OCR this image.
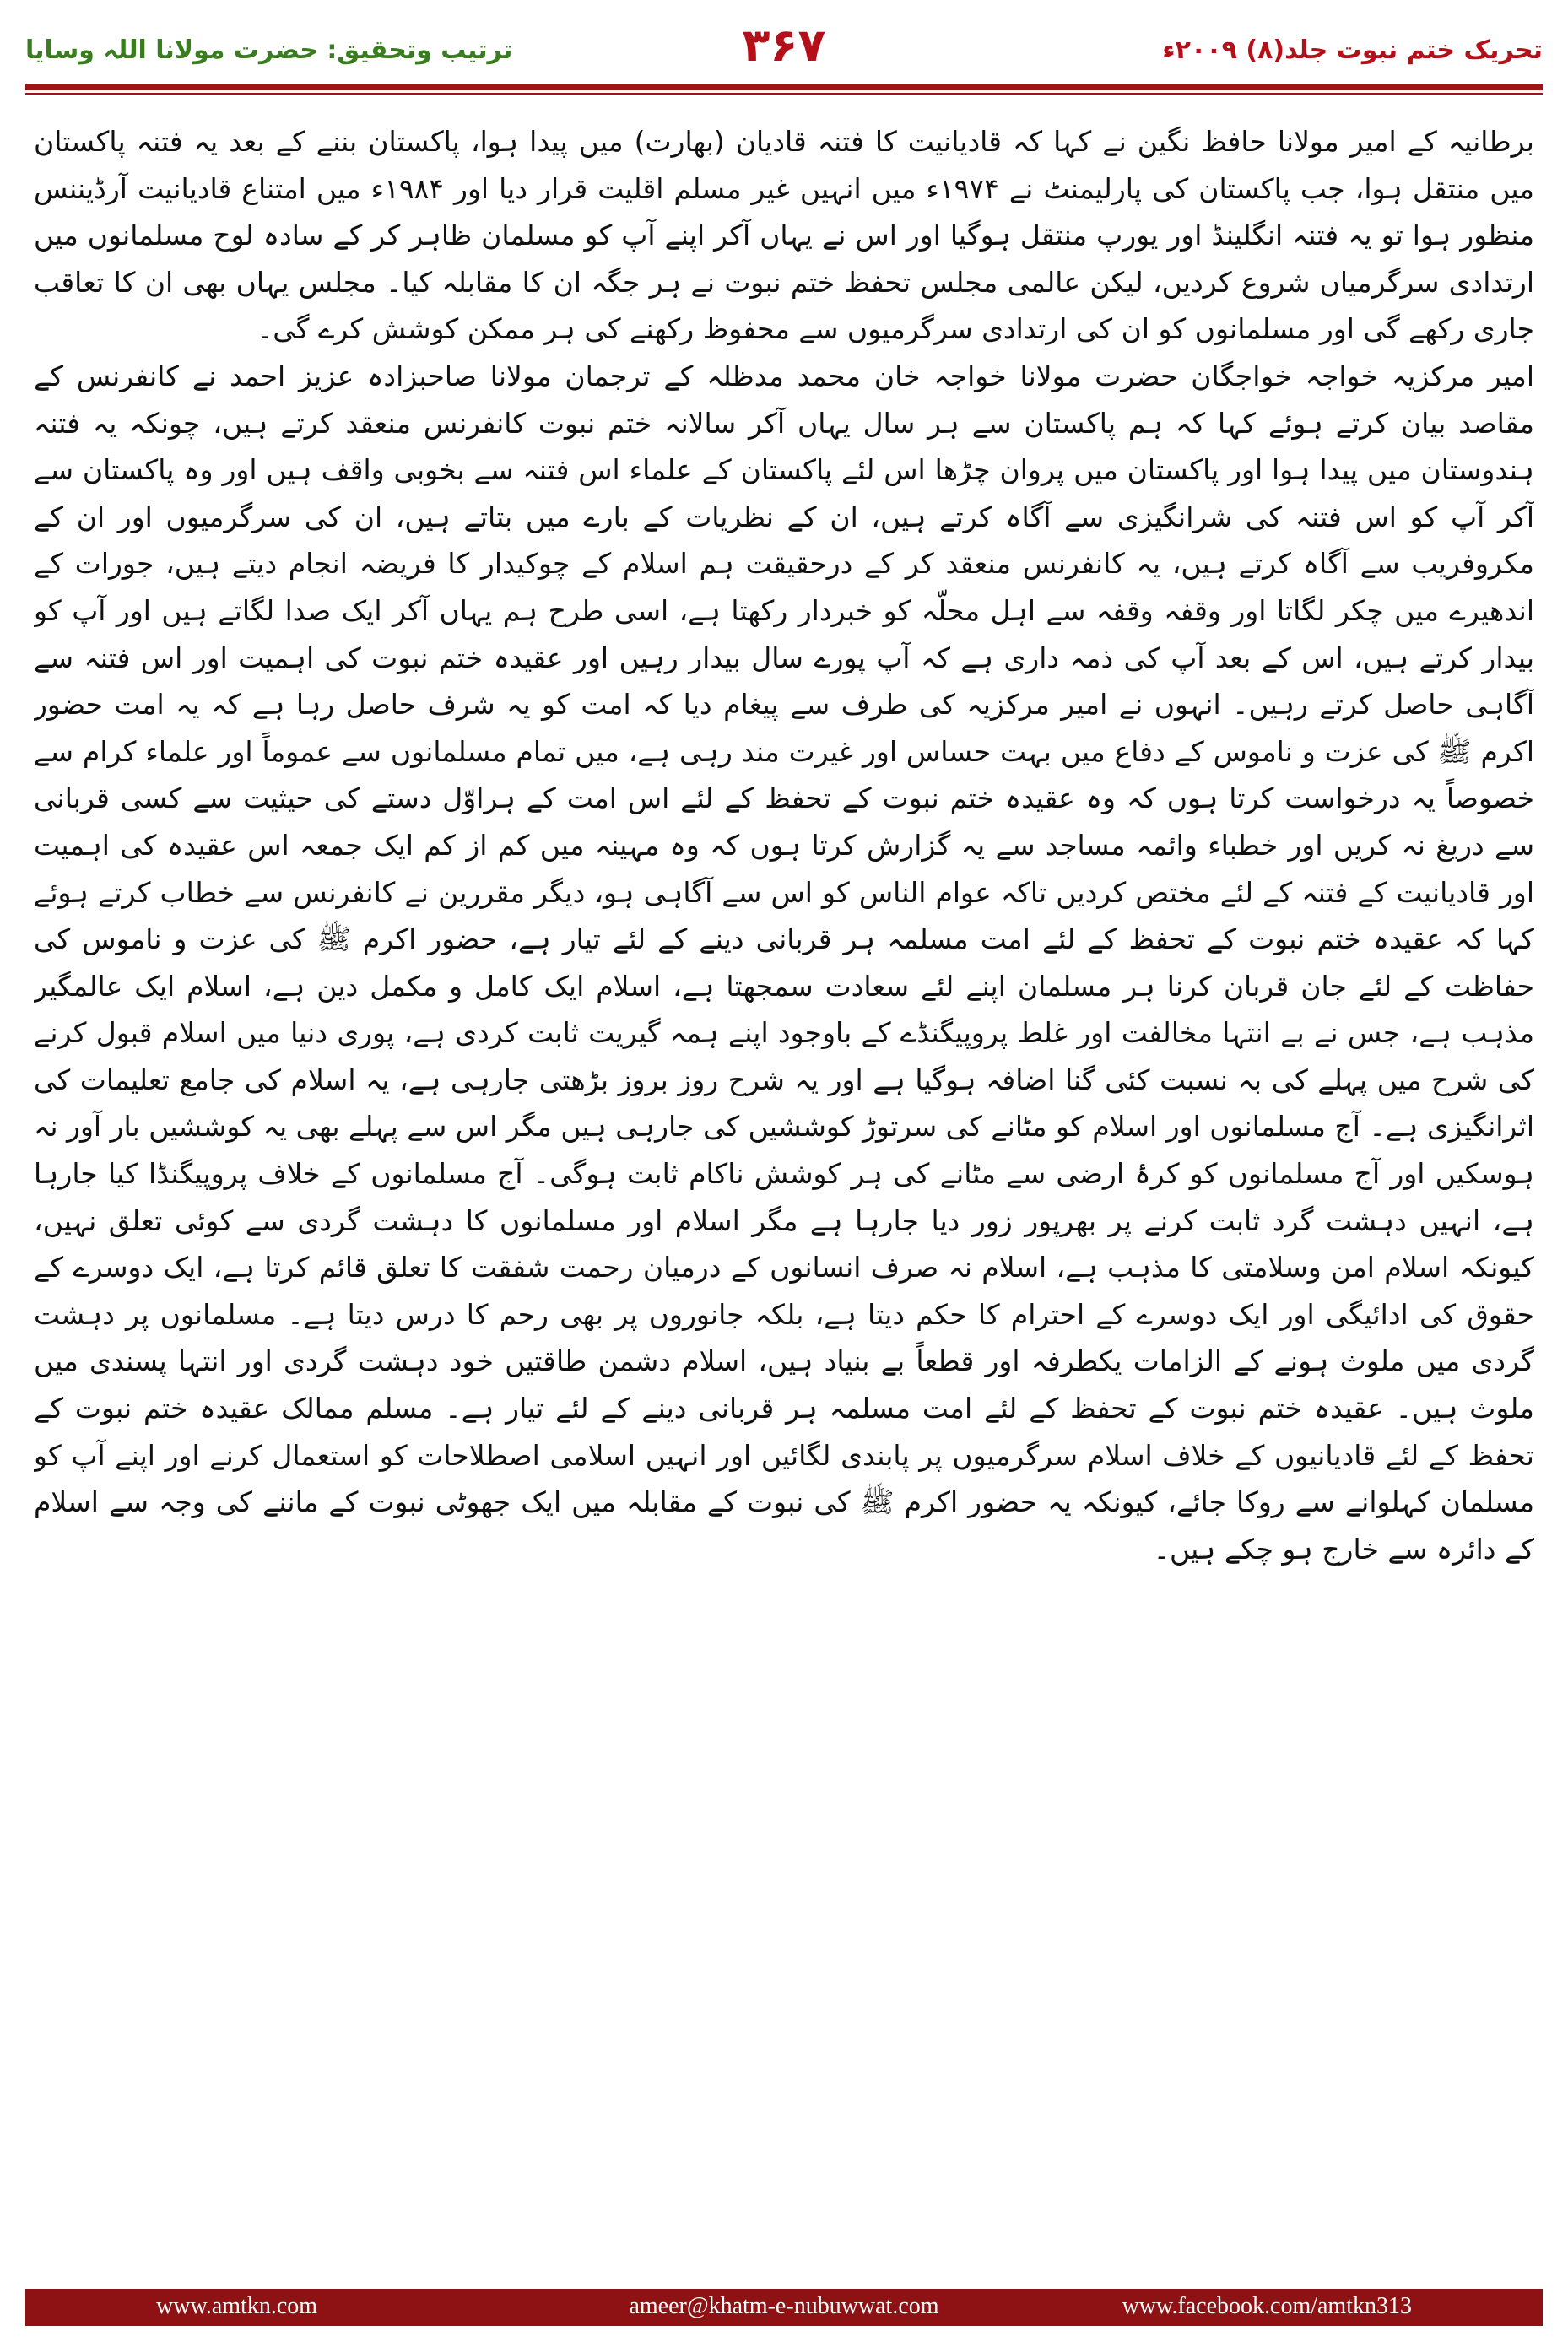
ترتیب وتحقیق: حضرت مولانا اللہ وسایا	۳۶۷	تحریک ختم نبوت جلد(۸) ۲۰۰۹ء

برطانیہ کے امیر مولانا حافظ نگین نے کہا کہ قادیانیت کا فتنہ قادیان (بھارت) میں پیدا ہوا، پاکستان بننے کے بعد یہ فتنہ پاکستان میں منتقل ہوا، جب پاکستان کی پارلیمنٹ نے ۱۹۷۴ء میں انہیں غیر مسلم اقلیت قرار دیا اور ۱۹۸۴ء میں امتناع قادیانیت آرڈیننس منظور ہوا تو یہ فتنہ انگلینڈ اور یورپ منتقل ہوگیا اور اس نے یہاں آکر اپنے آپ کو مسلمان ظاہر کر کے سادہ لوح مسلمانوں میں ارتدادی سرگرمیاں شروع کردیں، لیکن عالمی مجلس تحفظ ختم نبوت نے ہر جگہ ان کا مقابلہ کیا۔ مجلس یہاں بھی ان کا تعاقب جاری رکھے گی اور مسلمانوں کو ان کی ارتدادی سرگرمیوں سے محفوظ رکھنے کی ہر ممکن کوشش کرے گی۔

امیر مرکزیہ خواجہ خواجگان حضرت مولانا خواجہ خان محمد مدظلہ کے ترجمان مولانا صاحبزادہ عزیز احمد نے کانفرنس کے مقاصد بیان کرتے ہوئے کہا کہ ہم پاکستان سے ہر سال یہاں آکر سالانہ ختم نبوت کانفرنس منعقد کرتے ہیں، چونکہ یہ فتنہ ہندوستان میں پیدا ہوا اور پاکستان میں پروان چڑھا اس لئے پاکستان کے علماء اس فتنہ سے بخوبی واقف ہیں اور وہ پاکستان سے آکر آپ کو اس فتنہ کی شرانگیزی سے آگاہ کرتے ہیں، ان کے نظریات کے بارے میں بتاتے ہیں، ان کی سرگرمیوں اور ان کے مکروفریب سے آگاہ کرتے ہیں، یہ کانفرنس منعقد کر کے درحقیقت ہم اسلام کے چوکیدار کا فریضہ انجام دیتے ہیں، جورات کے اندھیرے میں چکر لگاتا اور وقفہ وقفہ سے اہل محلّہ کو خبردار رکھتا ہے، اسی طرح ہم یہاں آکر ایک صدا لگاتے ہیں اور آپ کو بیدار کرتے ہیں، اس کے بعد آپ کی ذمہ داری ہے کہ آپ پورے سال بیدار رہیں اور عقیدہ ختم نبوت کی اہمیت اور اس فتنہ سے آگاہی حاصل کرتے رہیں۔ انہوں نے امیر مرکزیہ کی طرف سے پیغام دیا کہ امت کو یہ شرف حاصل رہا ہے کہ یہ امت حضور اکرم ﷺ کی عزت و ناموس کے دفاع میں بہت حساس اور غیرت مند رہی ہے، میں تمام مسلمانوں سے عموماً اور علماء کرام سے خصوصاً یہ درخواست کرتا ہوں کہ وہ عقیدہ ختم نبوت کے تحفظ کے لئے اس امت کے ہراوّل دستے کی حیثیت سے کسی قربانی سے دریغ نہ کریں اور خطباء وائمہ مساجد سے یہ گزارش کرتا ہوں کہ وہ مہینہ میں کم از کم ایک جمعہ اس عقیدہ کی اہمیت اور قادیانیت کے فتنہ کے لئے مختص کردیں تاکہ عوام الناس کو اس سے آگاہی ہو، دیگر مقررین نے کانفرنس سے خطاب کرتے ہوئے کہا کہ عقیدہ ختم نبوت کے تحفظ کے لئے امت مسلمہ ہر قربانی دینے کے لئے تیار ہے، حضور اکرم ﷺ کی عزت و ناموس کی حفاظت کے لئے جان قربان کرنا ہر مسلمان اپنے لئے سعادت سمجھتا ہے، اسلام ایک کامل و مکمل دین ہے، اسلام ایک عالمگیر مذہب ہے، جس نے بے انتہا مخالفت اور غلط پروپیگنڈے کے باوجود اپنے ہمہ گیریت ثابت کردی ہے، پوری دنیا میں اسلام قبول کرنے کی شرح میں پہلے کی بہ نسبت کئی گنا اضافہ ہوگیا ہے اور یہ شرح روز بروز بڑھتی جارہی ہے، یہ اسلام کی جامع تعلیمات کی اثرانگیزی ہے۔ آج مسلمانوں اور اسلام کو مٹانے کی سرتوڑ کوششیں کی جارہی ہیں مگر اس سے پہلے بھی یہ کوششیں بار آور نہ ہوسکیں اور آج مسلمانوں کو کرۂ ارضی سے مٹانے کی ہر کوشش ناکام ثابت ہوگی۔ آج مسلمانوں کے خلاف پروپیگنڈا کیا جارہا ہے، انہیں دہشت گرد ثابت کرنے پر بھرپور زور دیا جارہا ہے مگر اسلام اور مسلمانوں کا دہشت گردی سے کوئی تعلق نہیں، کیونکہ اسلام امن وسلامتی کا مذہب ہے، اسلام نہ صرف انسانوں کے درمیان رحمت شفقت کا تعلق قائم کرتا ہے، ایک دوسرے کے حقوق کی ادائیگی اور ایک دوسرے کے احترام کا حکم دیتا ہے، بلکہ جانوروں پر بھی رحم کا درس دیتا ہے۔ مسلمانوں پر دہشت گردی میں ملوث ہونے کے الزامات یکطرفہ اور قطعاً بے بنیاد ہیں، اسلام دشمن طاقتیں خود دہشت گردی اور انتہا پسندی میں ملوث ہیں۔ عقیدہ ختم نبوت کے تحفظ کے لئے امت مسلمہ ہر قربانی دینے کے لئے تیار ہے۔ مسلم ممالک عقیدہ ختم نبوت کے تحفظ کے لئے قادیانیوں کے خلاف اسلام سرگرمیوں پر پابندی لگائیں اور انہیں اسلامی اصطلاحات کو استعمال کرنے اور اپنے آپ کو مسلمان کہلوانے سے روکا جائے، کیونکہ یہ حضور اکرم ﷺ کی نبوت کے مقابلہ میں ایک جھوٹی نبوت کے ماننے کی وجہ سے اسلام کے دائرہ سے خارج ہو چکے ہیں۔

www.amtkn.com	ameer@khatm-e-nubuwwat.com	www.facebook.com/amtkn313
